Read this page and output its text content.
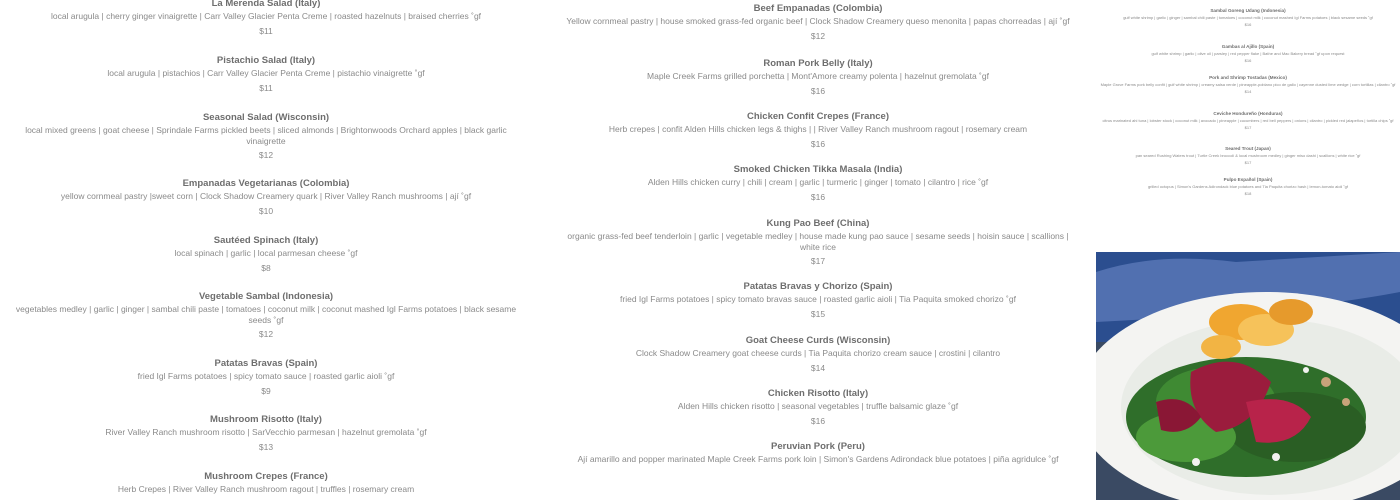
La Merenda Salad (Italy)
local arugula | cherry ginger vinaigrette | Carr Valley Glacier Penta Creme | roasted hazelnuts | braised cherries ˚gf
$11
Pistachio Salad (Italy)
local arugula | pistachios | Carr Valley Glacier Penta Creme | pistachio vinaigrette ˚gf
$11
Seasonal Salad (Wisconsin)
local mixed greens | goat cheese | Sprindale Farms pickled beets | sliced almonds | Brightonwoods Orchard apples | black garlic vinaigrette
$12
Empanadas Vegetarianas (Colombia)
yellow cornmeal pastry |sweet corn | Clock Shadow Creamery quark | River Valley Ranch mushrooms | ají ˚gf
$10
Sautéed Spinach (Italy)
local spinach | garlic | local parmesan cheese ˚gf
$8
Vegetable Sambal (Indonesia)
vegetables medley | garlic | ginger | sambal chili paste | tomatoes | coconut milk | coconut mashed Igl Farms potatoes | black sesame seeds ˚gf
$12
Patatas Bravas (Spain)
fried Igl Farms potatoes | spicy tomato sauce | roasted garlic aioli ˚gf
$9
Mushroom Risotto (Italy)
River Valley Ranch mushroom risotto | SarVecchio parmesan | hazelnut gremolata ˚gf
$13
Mushroom Crepes (France)
Herb Crepes | River Valley Ranch mushroom ragout | truffles | rosemary cream
Beef Empanadas (Colombia)
Yellow cornmeal pastry | house smoked grass-fed organic beef | Clock Shadow Creamery queso menonita | papas chorreadas | ají ˚gf
$12
Roman Pork Belly (Italy)
Maple Creek Farms grilled porchetta | Mont'Amore creamy polenta | hazelnut gremolata ˚gf
$16
Chicken Confit Crepes (France)
Herb crepes | confit Alden Hills chicken legs & thighs | | River Valley Ranch mushroom ragout | rosemary cream
$16
Smoked Chicken Tikka Masala (India)
Alden Hills chicken curry | chili | cream | garlic | turmeric | ginger | tomato | cilantro | rice ˚gf
$16
Kung Pao Beef (China)
organic grass-fed beef tenderloin | garlic | vegetable medley | house made kung pao sauce | sesame seeds | hoisin sauce | scallions | white rice
$17
Patatas Bravas y Chorizo (Spain)
fried Igl Farms potatoes | spicy tomato bravas sauce | roasted garlic aioli | Tia Paquita smoked chorizo ˚gf
$15
Goat Cheese Curds (Wisconsin)
Clock Shadow Creamery goat cheese curds | Tia Paquita chorizo cream sauce | crostini | cilantro
$14
Chicken Risotto (Italy)
Alden Hills chicken risotto | seasonal vegetables | truffle balsamic glaze ˚gf
$16
Peruvian Pork (Peru)
Ají amarillo and popper marinated Maple Creek Farms pork loin | Simon's Gardens Adirondack blue potatoes | piña agridulce ˚gf
Sambal Goreng Udang (Indonesia)
gulf white shrimp | garlic | ginger | sambal chili paste | tomatoes | coconut milk | coconut mashed Igl Farms potatoes | black sesame seeds ˚gf
$16
Gambas al Ajillo (Spain)
gulf white shrimp | garlic | olive oil | parsley | red pepper flake | Bathe and Mac Bakery bread ˚gf upon request
$16
Pork and Shrimp Tostadas (Mexico)
Maple Grove Farms pork belly confit | gulf white shrimp | creamy salsa verde | pineapple-poblano pico de gallo | cayenne dusted lime wedge | corn tortillas | cilantro ˚gf
$14
Ceviche Hondureño (Honduras)
citrus marinated ahi tuna | lobster stock | coconut milk | avocado | pineapple | cucumbers | red bell peppers | onions | cilantro | pickled red jalapeños | tortilla chips ˚gf
$17
Seared Trout (Japan)
pan seared Rushing Waters trout | Turtle Creek broccoli & local mushroom medley | ginger miso dashi | scallions | white rice ˚gf
$17
Pulpo Español (Spain)
grilled octopus | Simon's Gardens Adirondack blue potatoes and Tia Paquita chorizo hash | lemon-tomato aioli ˚gf
$18
